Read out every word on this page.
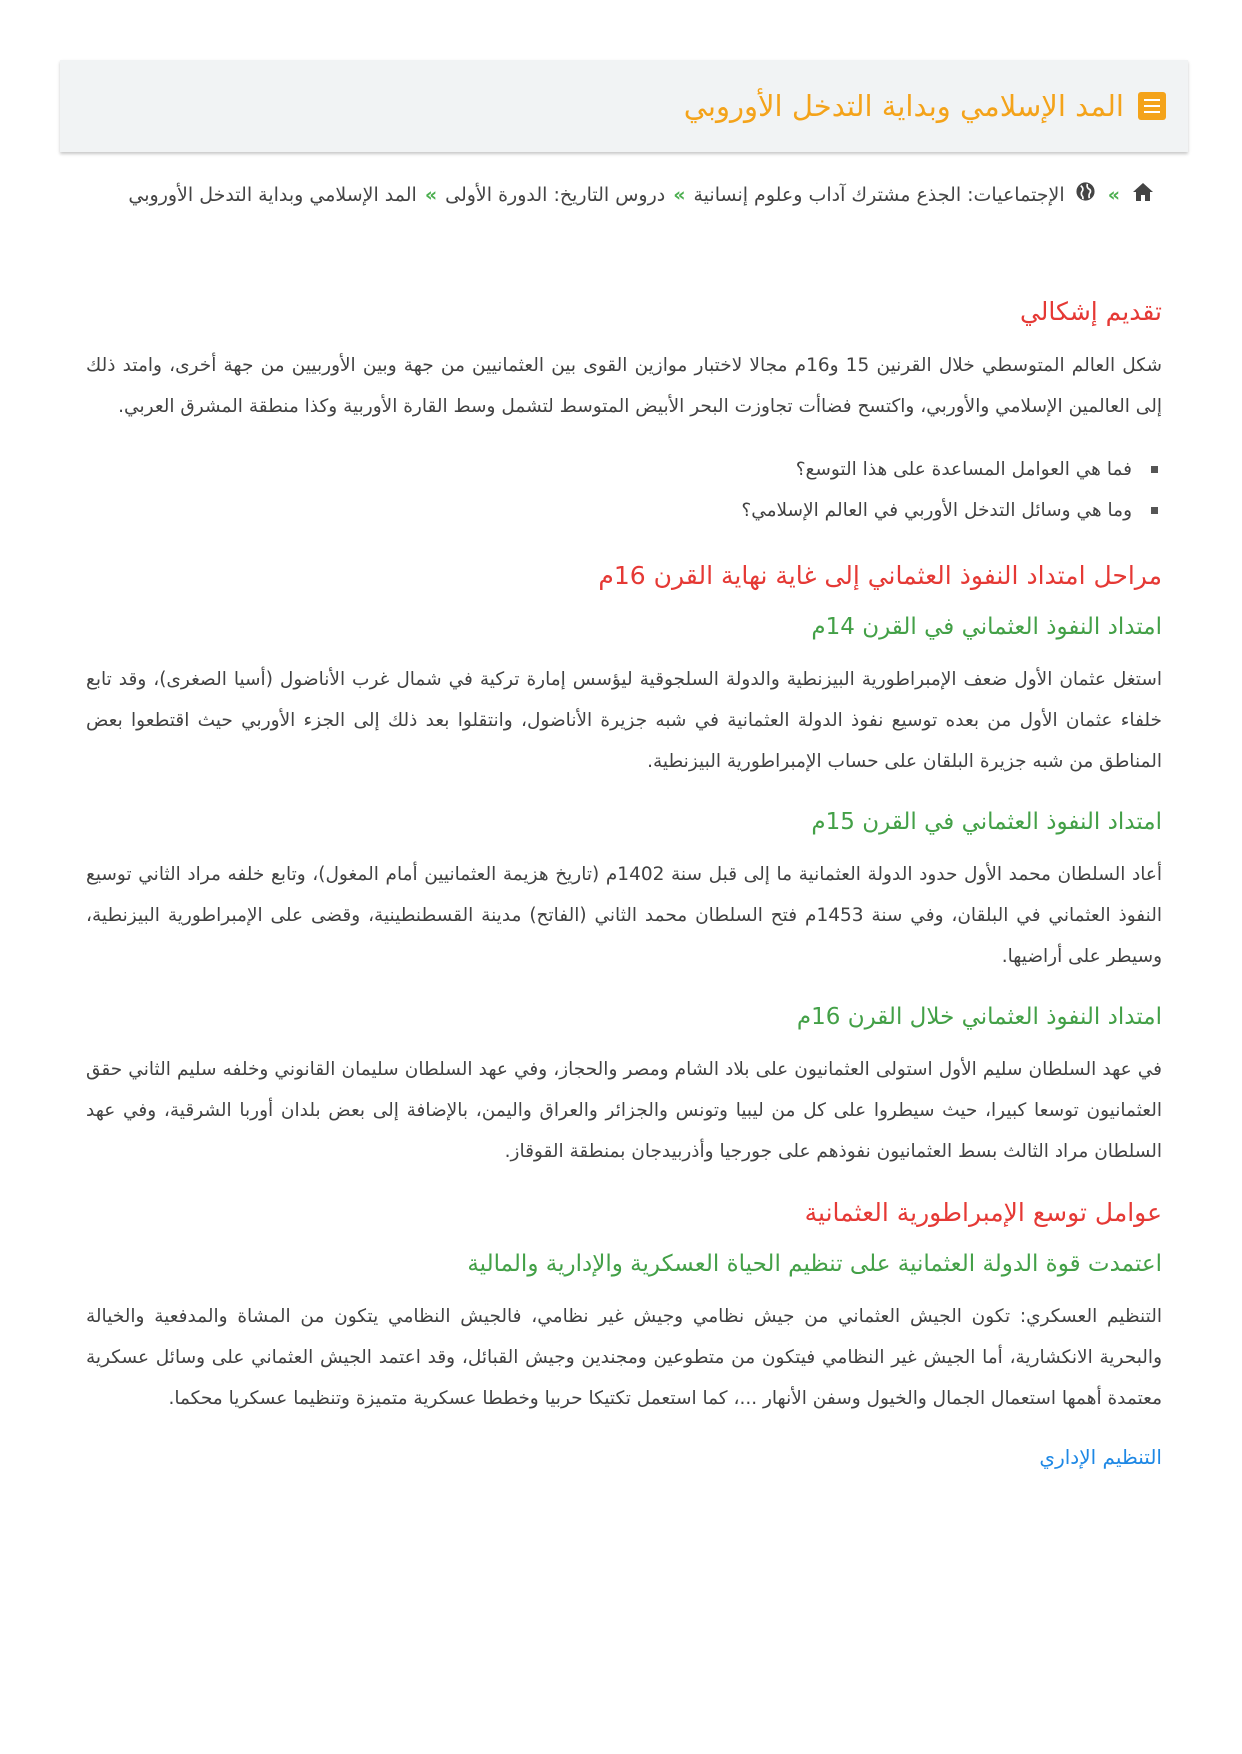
المد الإسلامي وبداية التدخل الأوروبي
» الإجتماعيات: الجذع مشترك آداب وعلوم إنسانية»دروس التاريخ: الدورة الأولى»المد الإسلامي وبداية التدخل الأوروبي
تقديم إشكالي

شكل العالم المتوسطي خلال القرنين 15 و16م مجالا لاختبار موازين القوى بين العثمانيين من جهة وبين الأوربيين من جهة أخرى، وامتد ذلك إلى العالمين الإسلامي والأوربي، واكتسح فضاأت تجاوزت البحر الأبيض المتوسط لتشمل وسط القارة الأوربية وكذا منطقة المشرق العربي.

فما هي العوامل المساعدة على هذا التوسع؟
وما هي وسائل التدخل الأوربي في العالم الإسلامي؟
مراحل امتداد النفوذ العثماني إلى غاية نهاية القرن 16م
امتداد النفوذ العثماني في القرن 14م

استغل عثمان الأول ضعف الإمبراطورية البيزنطية والدولة السلجوقية ليؤسس إمارة تركية في شمال غرب الأناضول (أسيا الصغرى)، وقد تابع خلفاء عثمان الأول من بعده توسيع نفوذ الدولة العثمانية في شبه جزيرة الأناضول، وانتقلوا بعد ذلك إلى الجزء الأوربي حيث اقتطعوا بعض المناطق من شبه جزيرة البلقان على حساب الإمبراطورية البيزنطية.

امتداد النفوذ العثماني في القرن 15م

أعاد السلطان محمد الأول حدود الدولة العثمانية ما إلى قبل سنة 1402م (تاريخ هزيمة العثمانيين أمام المغول)، وتابع خلفه مراد الثاني توسيع النفوذ العثماني في البلقان، وفي سنة 1453م فتح السلطان محمد الثاني (الفاتح) مدينة القسطنطينية، وقضى على الإمبراطورية البيزنطية، وسيطر على أراضيها.

امتداد النفوذ العثماني خلال القرن 16م

في عهد السلطان سليم الأول استولى العثمانيون على بلاد الشام ومصر والحجاز، وفي عهد السلطان سليمان القانوني وخلفه سليم الثاني حقق العثمانيون توسعا كبيرا، حيث سيطروا على كل من ليبيا وتونس والجزائر والعراق واليمن، بالإضافة إلى بعض بلدان أوربا الشرقية، وفي عهد السلطان مراد الثالث بسط العثمانيون نفوذهم على جورجيا وأذربيدجان بمنطقة القوقاز.

عوامل توسع الإمبراطورية العثمانية
اعتمدت قوة الدولة العثمانية على تنظيم الحياة العسكرية والإدارية والمالية

التنظيم العسكري: تكون الجيش العثماني من جيش نظامي وجيش غير نظامي، فالجيش النظامي يتكون من المشاة والمدفعية والخيالة والبحرية الانكشارية، أما الجيش غير النظامي فيتكون من متطوعين ومجندين وجيش القبائل، وقد اعتمد الجيش العثماني على وسائل عسكرية معتمدة أهمها استعمال الجمال والخيول وسفن الأنهار ...، كما استعمل تكتيكا حربيا وخططا عسكرية متميزة وتنظيما عسكريا محكما.

التنظيم الإداري
